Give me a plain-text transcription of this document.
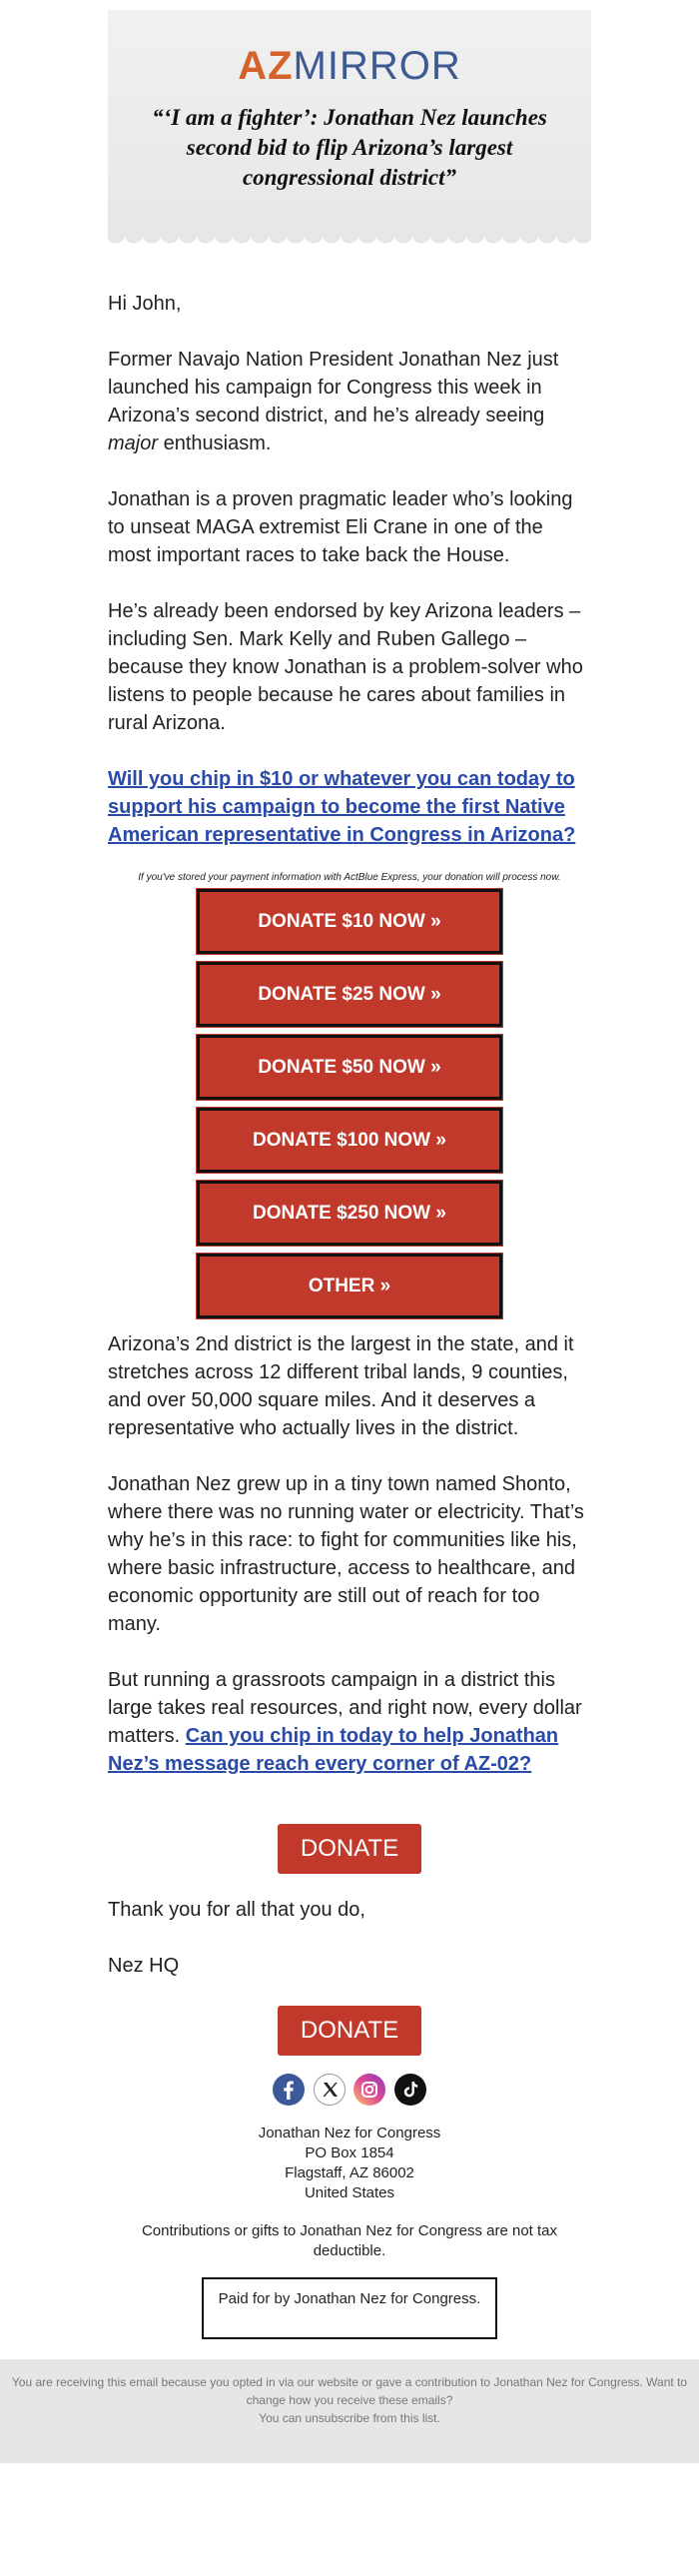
AZMIRROR
“‘I am a fighter’: Jonathan Nez launches second bid to flip Arizona’s largest congressional district”

Hi John,

Former Navajo Nation President Jonathan Nez just launched his campaign for Congress this week in Arizona’s second district, and he’s already seeing major enthusiasm.

Jonathan is a proven pragmatic leader who’s looking to unseat MAGA extremist Eli Crane in one of the most important races to take back the House.

He’s already been endorsed by key Arizona leaders – including Sen. Mark Kelly and Ruben Gallego – because they know Jonathan is a problem-solver who listens to people because he cares about families in rural Arizona.

Will you chip in $10 or whatever you can today to support his campaign to become the first Native American representative in Congress in Arizona?

If you've stored your payment information with ActBlue Express, your donation will process now.

DONATE $10 NOW »
DONATE $25 NOW »
DONATE $50 NOW »
DONATE $100 NOW »
DONATE $250 NOW »
OTHER »

Arizona’s 2nd district is the largest in the state, and it stretches across 12 different tribal lands, 9 counties, and over 50,000 square miles. And it deserves a representative who actually lives in the district.

Jonathan Nez grew up in a tiny town named Shonto, where there was no running water or electricity. That’s why he’s in this race: to fight for communities like his, where basic infrastructure, access to healthcare, and economic opportunity are still out of reach for too many.

But running a grassroots campaign in a district this large takes real resources, and right now, every dollar matters. Can you chip in today to help Jonathan Nez’s message reach every corner of AZ-02?

DONATE

Thank you for all that you do,

Nez HQ

DONATE

Jonathan Nez for Congress
PO Box 1854
Flagstaff, AZ 86002
United States

Contributions or gifts to Jonathan Nez for Congress are not tax deductible.

Paid for by Jonathan Nez for Congress.
You are receiving this email because you opted in via our website or gave a contribution to Jonathan Nez for Congress. Want to change how you receive these emails?
You can unsubscribe from this list.
